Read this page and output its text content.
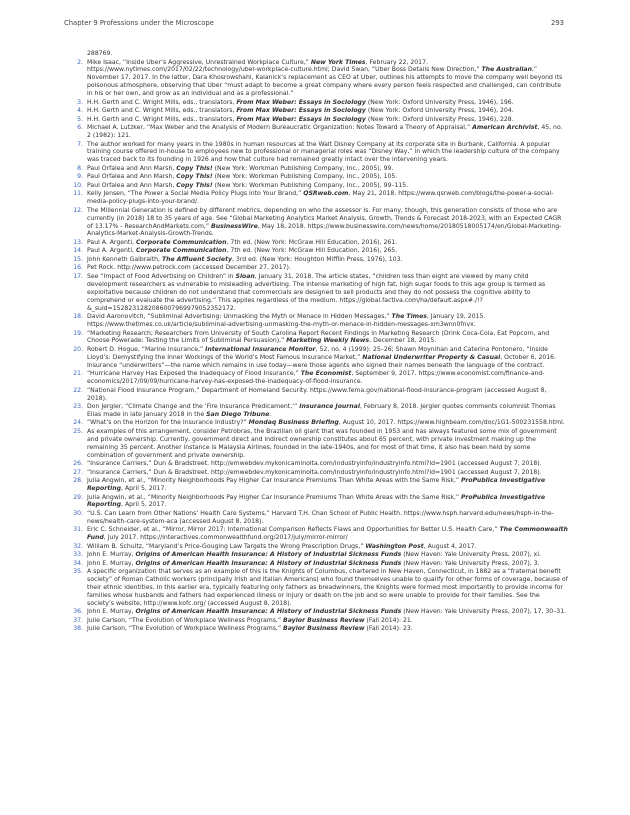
Chapter 9 Professions under the Microscope	293
288769.
2. Mike Isaac, “Inside Uber’s Aggressive, Unrestrained Workplace Culture,” New York Times, February 22, 2017. https://www.nytimes.com/2017/02/22/technology/uber-workplace-culture.html; David Swan, “Uber Boss Details New Direction,” The Australian,” November 17, 2017. In the latter, Dara Khosrowshahi, Kalanick’s replacement as CEO at Uber, outlines his attempts to move the company well beyond its poisonous atmosphere, observing that Uber “must adapt to become a great company where every person feels respected and challenged, can contribute in his or her own, and grow as an individual and as a professional.”
3. H.H. Gerth and C. Wright Mills, eds., translators, From Max Weber: Essays in Sociology (New York: Oxford University Press, 1946), 196.
4. H.H. Gerth and C. Wright Mills, eds., translators, From Max Weber: Essays in Sociology (New York: Oxford University Press, 1946), 204.
5. H.H. Gerth and C. Wright Mills, eds., translators, From Max Weber: Essays in Sociology (New York: Oxford University Press, 1946), 228.
6. Michael A. Lutzker, “Max Weber and the Analysis of Modern Bureaucratic Organization: Notes Toward a Theory of Appraisal,” American Archivist, 45, no. 2 (1982): 121.
7. The author worked for many years in the 1980s in human resources at the Walt Disney Company at its corporate site in Burbank, California. A popular training course offered in-house to employees new to professional or managerial roles was “Disney Way,” in which the leadership culture of the company was traced back to its founding in 1926 and how that culture had remained greatly intact over the intervening years.
8. Paul Orfalea and Ann Marsh, Copy This! (New York: Workman Publishing Company, Inc., 2005), 99.
9. Paul Orfalea and Ann Marsh, Copy This! (New York: Workman Publishing Company, Inc., 2005), 105.
10. Paul Orfalea and Ann Marsh, Copy This! (New York: Workman Publishing Company, Inc., 2005), 99–115.
11. Kelly Jensen, “The Power a Social Media Policy Plugs into Your Brand,” QSRweb.com, May 21, 2018. https://www.qsrweb.com/blogs/the-power-a-social-media-policy-plugs-into-your-brand/.
12. The Millennial Generation is defined by different metrics, depending on who the assessor is. For many, though, this generation consists of those who are currently (in 2018) 18 to 35 years of age. See “Global Marketing Analytics Market Analysis, Growth, Trends & Forecast 2018-2023, with an Expected CAGR of 13.17% - ResearchAndMarkets.com,” BusinessWire, May 18, 2018. https://www.businesswire.com/news/home/20180518005174/en/Global-Marketing-Analytics-Market-Analysis-Growth-Trends.
13. Paul A. Argenti, Corporate Communication, 7th ed. (New York: McGraw Hill Education, 2016), 261.
14. Paul A. Argenti, Corporate Communication, 7th ed. (New York: McGraw Hill Education, 2016), 265.
15. John Kenneth Galbraith, The Affluent Society, 3rd ed. (New York: Houghton Mifflin Press, 1976), 103.
16. Pet Rock. http://www.petrock.com (accessed December 27, 2017).
17. See “Impact of Food Advertising on Children” in Sloan, January 31, 2018. The article states, “children less than eight are viewed by many child development researchers as vulnerable to misleading advertising. The intense marketing of high fat, high sugar foods to this age group is termed as exploitative because children do not understand that commercials are designed to sell products and they do not possess the cognitive ability to comprehend or evaluate the advertising.” This applies regardless of the medium. https://global.factiva.com/ha/default.aspx#./!?&_suid=1528231282086007969979052352172.
18. David Aaronovitch, “Subliminal Advertising: Unmasking the Myth or Menace in Hidden Messages,” The Times, January 19, 2015. https://www.thetimes.co.uk/article/subliminal-advertising-unmasking-the-myth-or-menace-in-hidden-messages-xm3wnn0fnvx.
19. “Marketing Research; Researchers from University of South Carolina Report Recent Findings in Marketing Research (Drink Coca-Cola, Eat Popcorn, and Choose Powerade: Testing the Limits of Subliminal Persuasion),” Marketing Weekly News, December 18, 2015.
20. Robert D. Hogue, “Marine Insurance,” International Insurance Monitor, 52, no. 4 (1999): 25–26; Shawn Moynihan and Caterina Pontonero, “Inside Lloyd’s: Demystifying the Inner Workings of the World’s Most Famous Insurance Market,” National Underwriter Property & Casual, October 6, 2016. Insurance “underwriters”—the name which remains in use today—were those agents who signed their names beneath the language of the contract.
21. “Hurricane Harvey Has Exposed the Inadequacy of Flood Insurance,” The Economist, September 9, 2017. https://www.economist.com/finance-and-economics/2017/09/09/hurricane-harvey-has-exposed-the-inadequacy-of-flood-insurance.
22. “National Flood Insurance Program,” Department of Homeland Security. https://www.fema.gov/national-flood-insurance-program (accessed August 8, 2018).
23. Don Jergler, “Climate Change and the ‘Fire Insurance Predicament,’” Insurance Journal, February 8, 2018. Jergler quotes comments columnist Thomas Elias made in late January 2018 in the San Diego Tribune.
24. “What’s on the Horizon for the Insurance Industry?” Mondaq Business Briefing, August 10, 2017. https://www.highbeam.com/doc/1G1-500231558.html.
25. As examples of this arrangement, consider Petrobras, the Brazilian oil giant that was founded in 1953 and has always featured some mix of government and private ownership. Currently, government direct and indirect ownership constitutes about 65 percent, with private investment making up the remaining 35 percent. Another instance is Malaysia Airlines, founded in the late-1940s, and for most of that time, it also has been held by some combination of government and private ownership.
26. “Insurance Carriers,” Dun & Bradstreet. http://emwebdev.mykonicaminolta.com/industryinfo/industryinfo.html?id=1901 (accessed August 7, 2018).
27. “Insurance Carriers,” Dun & Bradstreet. http://emwebdev.mykonicaminolta.com/industryinfo/industryinfo.html?id=1901 (accessed August 7, 2018).
28. Julia Angwin, et al., “Minority Neighborhoods Pay Higher Car Insurance Premiums Than White Areas with the Same Risk,” ProPublica Investigative Reporting, April 5, 2017.
29. Julia Angwin, et al., “Minority Neighborhoods Pay Higher Car Insurance Premiums Than White Areas with the Same Risk,” ProPublica Investigative Reporting, April 5, 2017.
30. “U.S. Can Learn from Other Nations’ Health Care Systems,” Harvard T.H. Chan School of Public Health. https://www.hsph.harvard.edu/news/hsph-in-the-news/health-care-system-aca (accessed August 8, 2018).
31. Eric C. Schneider, et al., “Mirror, Mirror 2017: International Comparison Reflects Flaws and Opportunities for Better U.S. Health Care,” The Commonwealth Fund, July 2017. https://interactives.commonwealthfund.org/2017/july/mirror-mirror/
32. William B. Schultz, “Maryland’s Price-Gouging Law Targets the Wrong Prescription Drugs,” Washington Post, August 4, 2017.
33. John E. Murray, Origins of American Health Insurance: A History of Industrial Sickness Funds (New Haven: Yale University Press, 2007), xi.
34. John E. Murray, Origins of American Health Insurance: A History of Industrial Sickness Funds (New Haven: Yale University Press, 2007), 3.
35. A specific organization that serves as an example of this is the Knights of Columbus, chartered in New Haven, Connecticut, in 1882 as a “fraternal benefit society” of Roman Catholic workers (principally Irish and Italian Americans) who found themselves unable to qualify for other forms of coverage, because of their ethnic identities. In this earlier era, typically featuring only fathers as breadwinners, the Knights were formed most importantly to provide income for families whose husbands and fathers had experienced illness or injury or death on the job and so were unable to provide for their families. See the society’s website, http://www.kofc.org/ (accessed August 8, 2018).
36. John E. Murray, Origins of American Health Insurance: A History of Industrial Sickness Funds (New Haven: Yale University Press, 2007), 17, 30–31.
37. Julie Carlson, “The Evolution of Workplace Wellness Programs,” Baylor Business Review (Fall 2014): 21.
38. Julie Carlson, “The Evolution of Workplace Wellness Programs,” Baylor Business Review (Fall 2014): 23.
